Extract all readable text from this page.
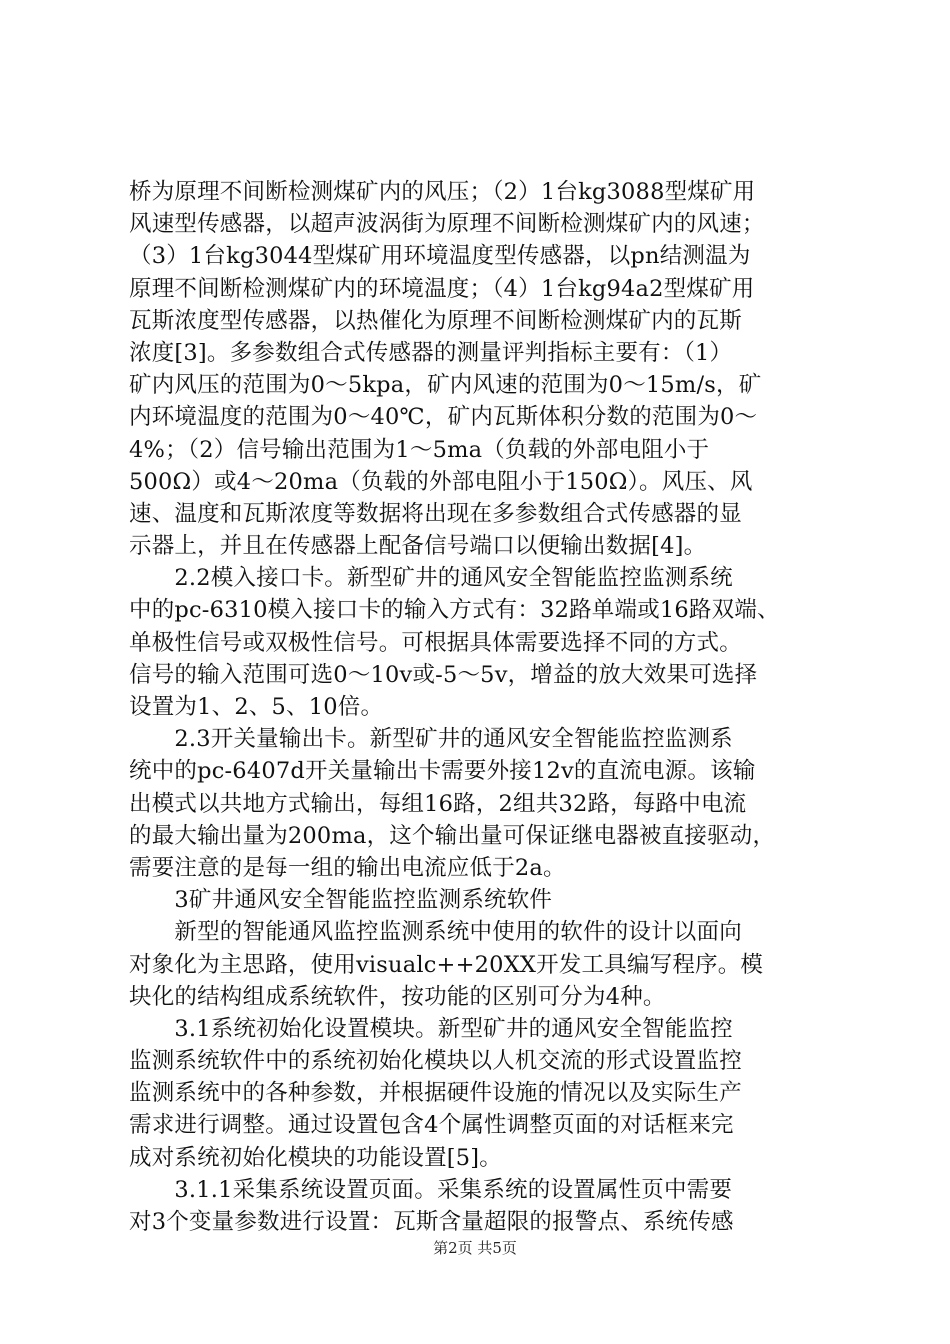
桥为原理不间断检测煤矿内的风压；（2）1台kg3088型煤矿用
风速型传感器，以超声波涡街为原理不间断检测煤矿内的风速；
（3）1台kg3044型煤矿用环境温度型传感器，以pn结测温为
原理不间断检测煤矿内的环境温度；（4）1台kg94a2型煤矿用
瓦斯浓度型传感器，以热催化为原理不间断检测煤矿内的瓦斯
浓度[3]。多参数组合式传感器的测量评判指标主要有：（1）
矿内风压的范围为0～5kpa，矿内风速的范围为0～15m/s，矿
内环境温度的范围为0～40℃，矿内瓦斯体积分数的范围为0～
4%；（2）信号输出范围为1～5ma（负载的外部电阻小于
500Ω）或4～20ma（负载的外部电阻小于150Ω）。风压、风
速、温度和瓦斯浓度等数据将出现在多参数组合式传感器的显
示器上，并且在传感器上配备信号端口以便输出数据[4]。
　　2.2模入接口卡。新型矿井的通风安全智能监控监测系统
中的pc-6310模入接口卡的输入方式有：32路单端或16路双端、
单极性信号或双极性信号。可根据具体需要选择不同的方式。
信号的输入范围可选0～10v或-5～5v，增益的放大效果可选择
设置为1、2、5、10倍。
　　2.3开关量输出卡。新型矿井的通风安全智能监控监测系
统中的pc-6407d开关量输出卡需要外接12v的直流电源。该输
出模式以共地方式输出，每组16路，2组共32路，每路中电流
的最大输出量为200ma，这个输出量可保证继电器被直接驱动，
需要注意的是每一组的输出电流应低于2a。
　　3矿井通风安全智能监控监测系统软件
　　新型的智能通风监控监测系统中使用的软件的设计以面向
对象化为主思路，使用visualc++20XX开发工具编写程序。模
块化的结构组成系统软件，按功能的区别可分为4种。
　　3.1系统初始化设置模块。新型矿井的通风安全智能监控
监测系统软件中的系统初始化模块以人机交流的形式设置监控
监测系统中的各种参数，并根据硬件设施的情况以及实际生产
需求进行调整。通过设置包含4个属性调整页面的对话框来完
成对系统初始化模块的功能设置[5]。
　　3.1.1采集系统设置页面。采集系统的设置属性页中需要
对3个变量参数进行设置：瓦斯含量超限的报警点、系统传感
第2页 共5页
